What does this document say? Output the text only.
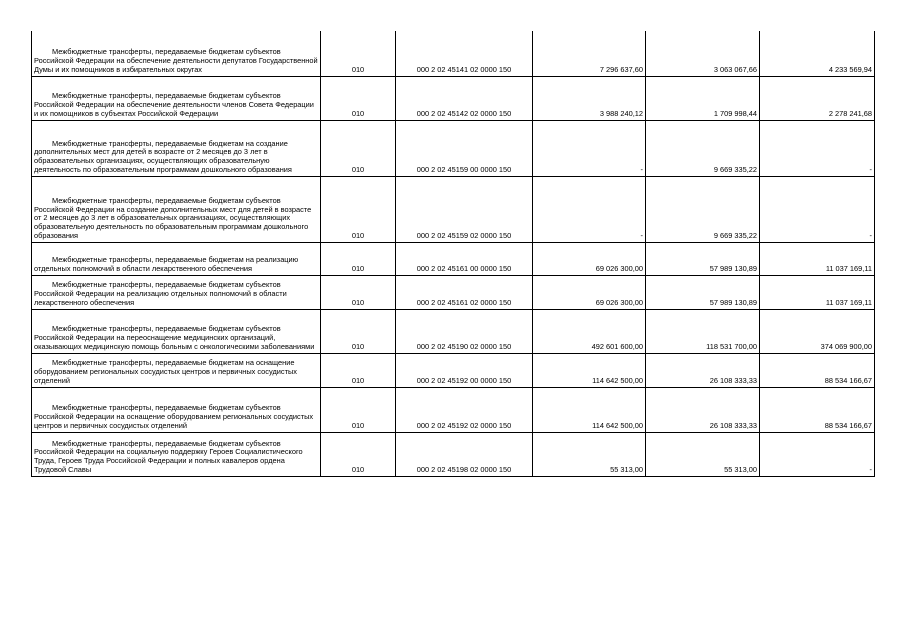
Межбюджетные трансферты, передаваемые бюджетам субъектов Российской Федерации на обеспечение деятельности депутатов Государственной Думы и их помощников в избирательных округах	010	000 2 02 45141 02 0000 150	7 296 637,60	3 063 067,66	4 233 569,94

Межбюджетные трансферты, передаваемые бюджетам субъектов Российской Федерации на обеспечение деятельности членов Совета Федерации и их помощников в субъектах Российской Федерации	010	000 2 02 45142 02 0000 150	3 988 240,12	1 709 998,44	2 278 241,68

Межбюджетные трансферты, передаваемые бюджетам на создание дополнительных мест для детей в возрасте от 2 месяцев до 3 лет в образовательных организациях, осуществляющих образовательную деятельность по образовательным программам дошкольного образования	010	000 2 02 45159 00 0000 150	-	9 669 335,22	-

Межбюджетные трансферты, передаваемые бюджетам субъектов Российской Федерации на создание дополнительных мест для детей в возрасте от 2 месяцев до 3 лет в образовательных организациях, осуществляющих образовательную деятельность по образовательным программам дошкольного образования	010	000 2 02 45159 02 0000 150	-	9 669 335,22	-

Межбюджетные трансферты, передаваемые бюджетам на реализацию отдельных полномочий в области лекарственного обеспечения	010	000 2 02 45161 00 0000 150	69 026 300,00	57 989 130,89	11 037 169,11

Межбюджетные трансферты, передаваемые бюджетам субъектов Российской Федерации на реализацию отдельных полномочий в области лекарственного обеспечения	010	000 2 02 45161 02 0000 150	69 026 300,00	57 989 130,89	11 037 169,11

Межбюджетные трансферты, передаваемые бюджетам субъектов Российской Федерации на переоснащение медицинских организаций, оказывающих медицинскую помощь больным с онкологическими заболеваниями	010	000 2 02 45190 02 0000 150	492 601 600,00	118 531 700,00	374 069 900,00

Межбюджетные трансферты, передаваемые бюджетам на оснащение оборудованием региональных сосудистых центров и первичных сосудистых отделений	010	000 2 02 45192 00 0000 150	114 642 500,00	26 108 333,33	88 534 166,67

Межбюджетные трансферты, передаваемые бюджетам субъектов Российской Федерации на оснащение оборудованием региональных сосудистых центров и первичных сосудистых отделений	010	000 2 02 45192 02 0000 150	114 642 500,00	26 108 333,33	88 534 166,67

Межбюджетные трансферты, передаваемые бюджетам субъектов Российской Федерации на социальную поддержку Героев Социалистического Труда, Героев Труда Российской Федерации и полных кавалеров ордена Трудовой Славы	010	000 2 02 45198 02 0000 150	55 313,00	55 313,00	-
